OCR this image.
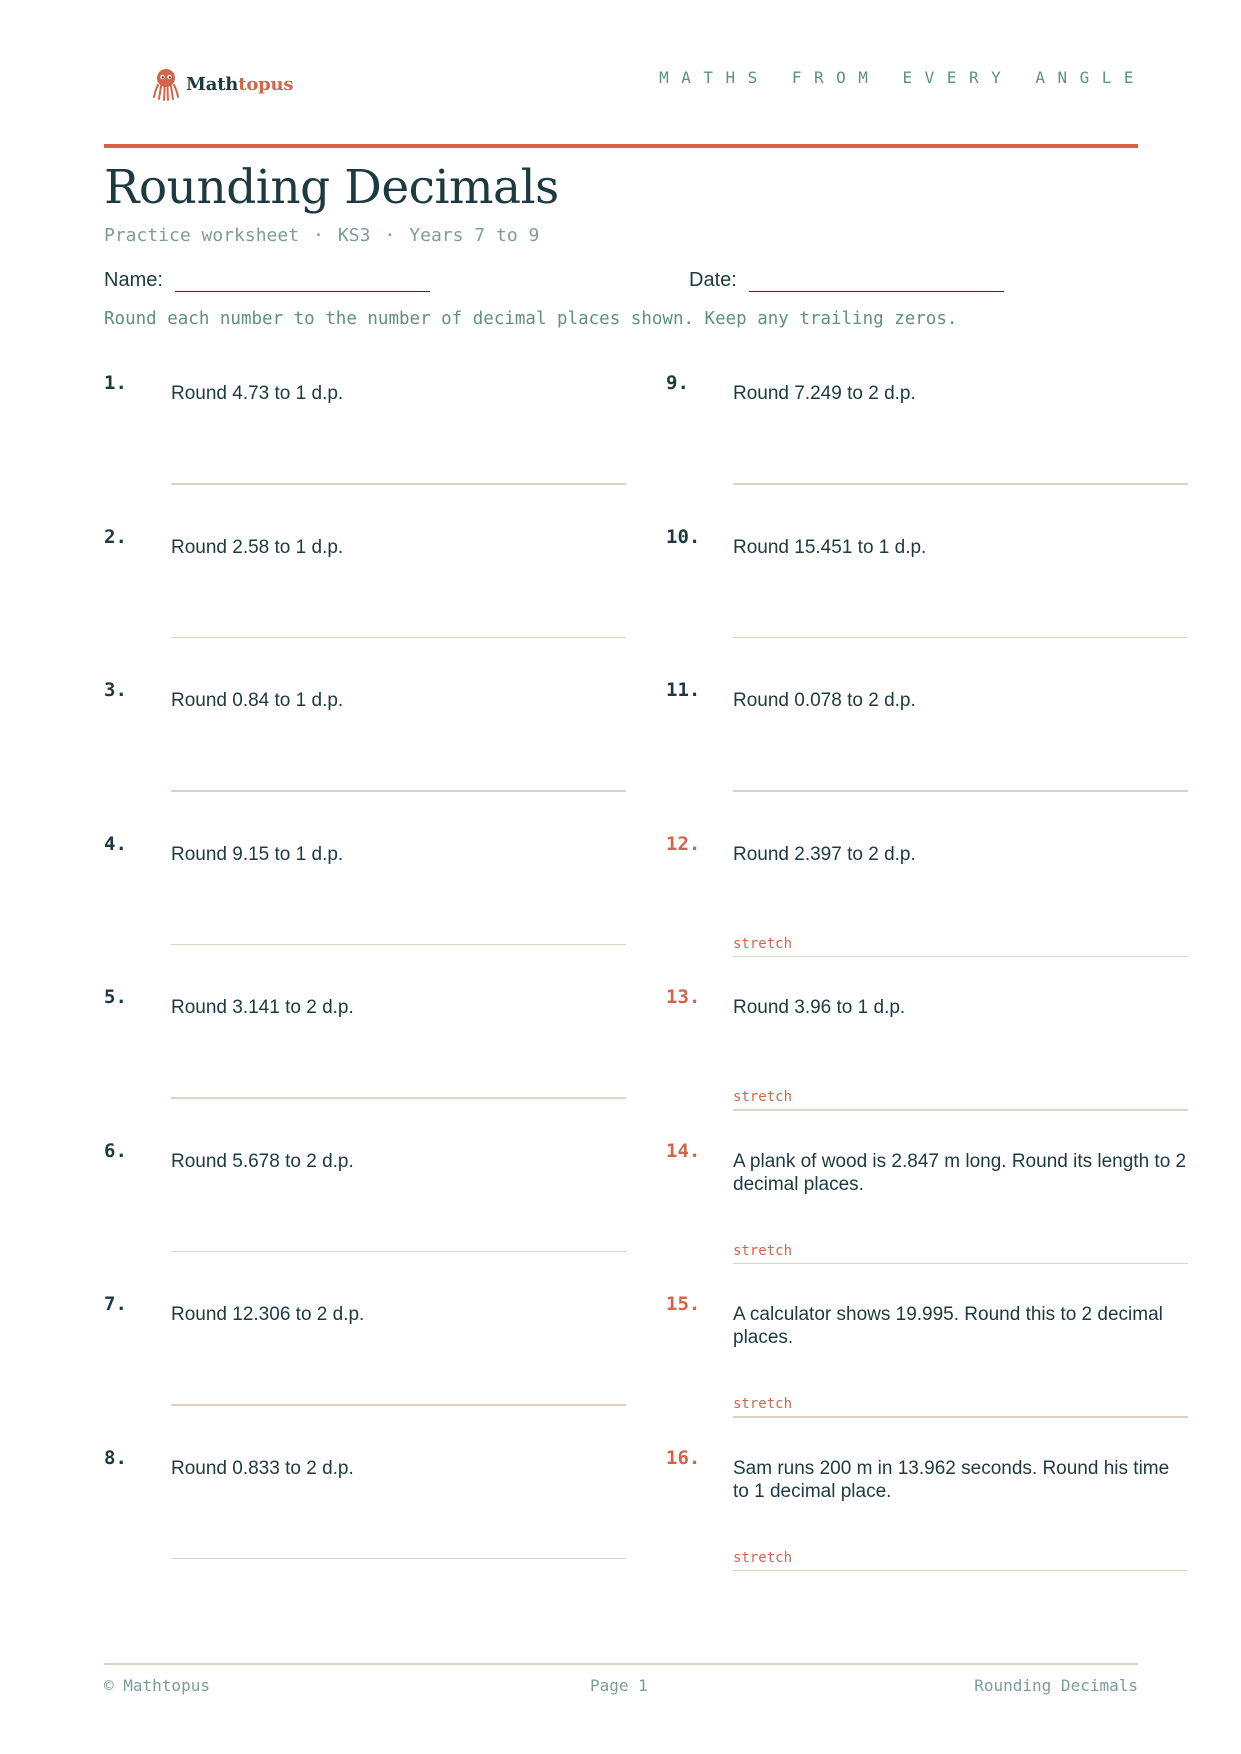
Mathtopus	MATHS FROM EVERY ANGLE
Rounding Decimals
Practice worksheet · KS3 · Years 7 to 9
Name:	Date:
Round each number to the number of decimal places shown. Keep any trailing zeros.
1. Round 4.73 to 1 d.p.
2. Round 2.58 to 1 d.p.
3. Round 0.84 to 1 d.p.
4. Round 9.15 to 1 d.p.
5. Round 3.141 to 2 d.p.
6. Round 5.678 to 2 d.p.
7. Round 12.306 to 2 d.p.
8. Round 0.833 to 2 d.p.
9. Round 7.249 to 2 d.p.
10. Round 15.451 to 1 d.p.
11. Round 0.078 to 2 d.p.
12. Round 2.397 to 2 d.p.
stretch
13. Round 3.96 to 1 d.p.
stretch
14. A plank of wood is 2.847 m long. Round its length to 2 decimal places.
stretch
15. A calculator shows 19.995. Round this to 2 decimal places.
stretch
16. Sam runs 200 m in 13.962 seconds. Round his time to 1 decimal place.
stretch
© Mathtopus	Page 1	Rounding Decimals
